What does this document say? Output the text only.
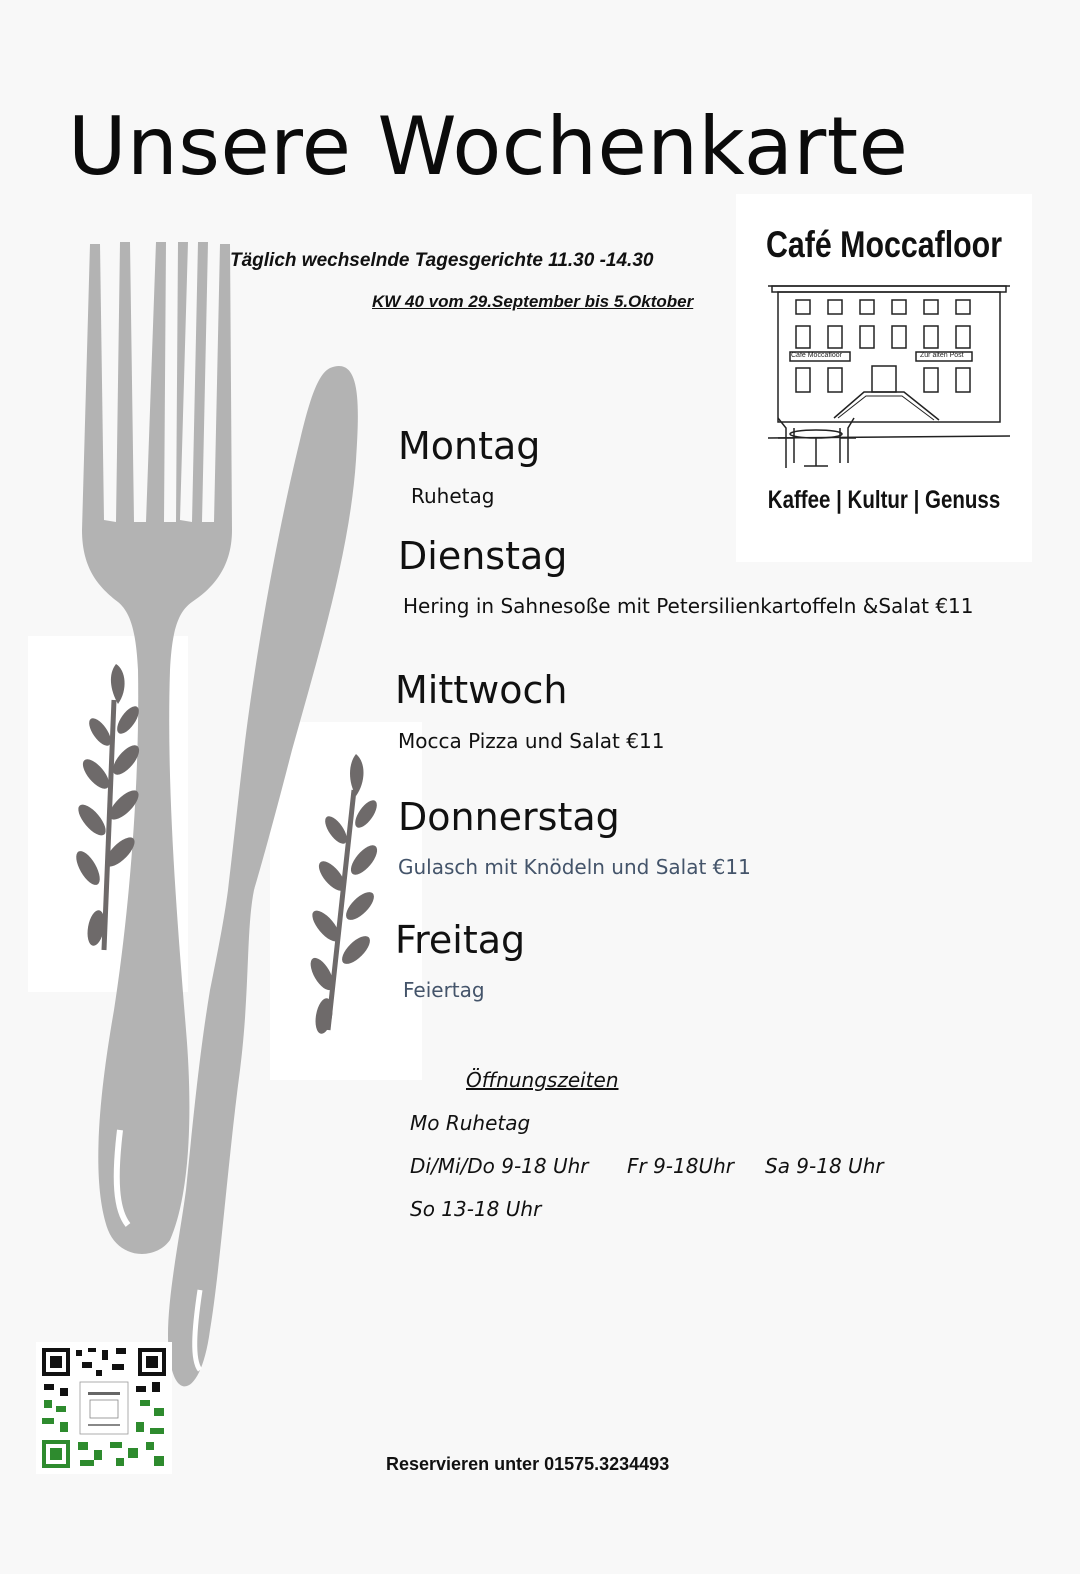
Unsere Wochenkarte
Täglich wechselnde Tagesgerichte 11.30 -14.30
KW 40 vom 29.September bis 5.Oktober
Café Moccafloor
Café Moccafloor	Zur alten Post
Kaffee | Kultur | Genuss
Montag
Ruhetag
Dienstag
Hering in Sahnesoße mit Petersilienkartoffeln &Salat €11
Mittwoch
Mocca Pizza und Salat €11
Donnerstag
Gulasch mit Knödeln und Salat €11
Freitag
Feiertag
Öffnungszeiten
Mo Ruhetag
Di/Mi/Do 9-18 Uhr Fr 9-18Uhr Sa 9-18 Uhr
So 13-18 Uhr
Reservieren unter 01575.3234493
